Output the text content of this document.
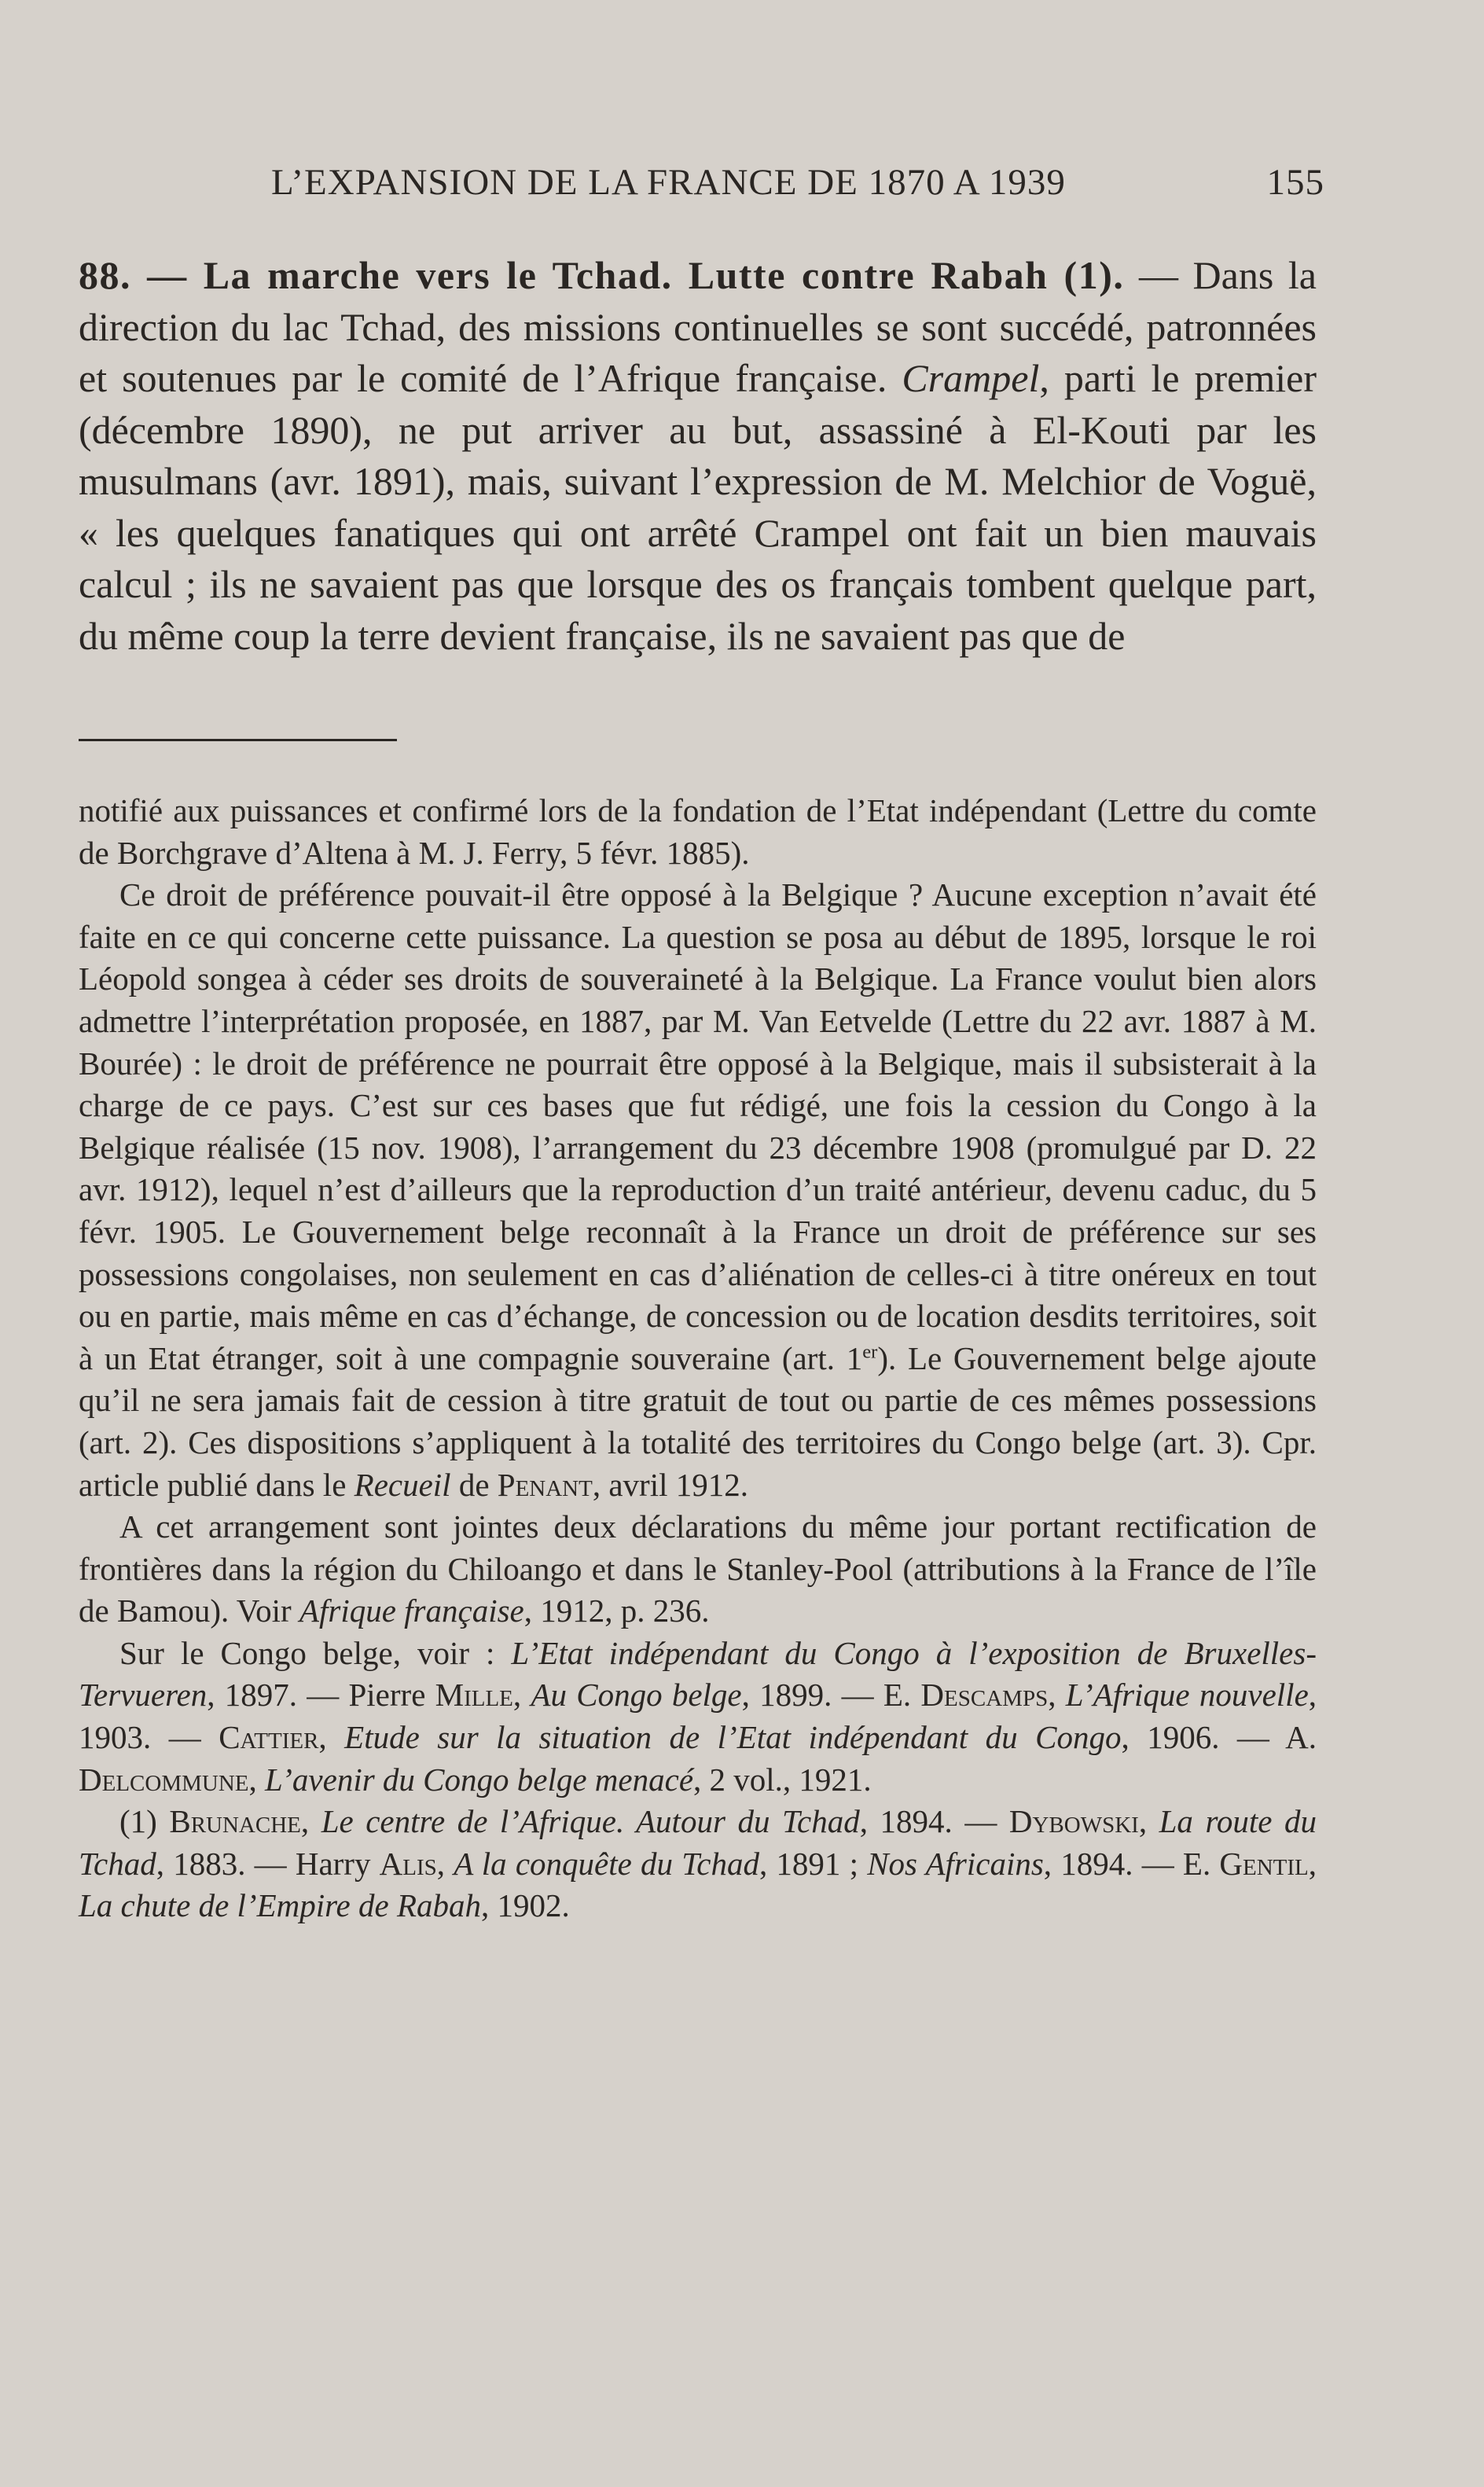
L’EXPANSION DE LA FRANCE DE 1870 A 1939	155

88. — La marche vers le Tchad. Lutte contre Rabah (1). — Dans la direction du lac Tchad, des missions continuelles se sont succédé, patronnées et soutenues par le comité de l’Afrique française. Crampel, parti le premier (décembre 1890), ne put arriver au but, assassiné à El-Kouti par les musulmans (avr. 1891), mais, suivant l’expression de M. Melchior de Voguë, « les quelques fanatiques qui ont arrêté Crampel ont fait un bien mauvais calcul ; ils ne savaient pas que lorsque des os français tombent quelque part, du même coup la terre devient française, ils ne savaient pas que de

notifié aux puissances et confirmé lors de la fondation de l’Etat indépendant (Lettre du comte de Borchgrave d’Altena à M. J. Ferry, 5 févr. 1885).

Ce droit de préférence pouvait-il être opposé à la Belgique ? Aucune exception n’avait été faite en ce qui concerne cette puissance. La question se posa au début de 1895, lorsque le roi Léopold songea à céder ses droits de souveraineté à la Belgique. La France voulut bien alors admettre l’interprétation proposée, en 1887, par M. Van Eetvelde (Lettre du 22 avr. 1887 à M. Bourée) : le droit de préférence ne pourrait être opposé à la Belgique, mais il subsisterait à la charge de ce pays. C’est sur ces bases que fut rédigé, une fois la cession du Congo à la Belgique réalisée (15 nov. 1908), l’arrangement du 23 décembre 1908 (promulgué par D. 22 avr. 1912), lequel n’est d’ailleurs que la reproduction d’un traité antérieur, devenu caduc, du 5 févr. 1905. Le Gouvernement belge reconnaît à la France un droit de préférence sur ses possessions congolaises, non seulement en cas d’aliénation de celles-ci à titre onéreux en tout ou en partie, mais même en cas d’échange, de concession ou de location desdits territoires, soit à un Etat étranger, soit à une compagnie souveraine (art. 1er). Le Gouvernement belge ajoute qu’il ne sera jamais fait de cession à titre gratuit de tout ou partie de ces mêmes possessions (art. 2). Ces dispositions s’appliquent à la totalité des territoires du Congo belge (art. 3). Cpr. article publié dans le Recueil de Penant, avril 1912.

A cet arrangement sont jointes deux déclarations du même jour portant rectification de frontières dans la région du Chiloango et dans le Stanley-Pool (attributions à la France de l’île de Bamou). Voir Afrique française, 1912, p. 236.

Sur le Congo belge, voir : L’Etat indépendant du Congo à l’exposition de Bruxelles-Tervueren, 1897. — Pierre Mille, Au Congo belge, 1899. — E. Descamps, L’Afrique nouvelle, 1903. — Cattier, Etude sur la situation de l’Etat indépendant du Congo, 1906. — A. Delcommune, L’avenir du Congo belge menacé, 2 vol., 1921.

(1) Brunache, Le centre de l’Afrique. Autour du Tchad, 1894. — Dybowski, La route du Tchad, 1883. — Harry Alis, A la conquête du Tchad, 1891 ; Nos Africains, 1894. — E. Gentil, La chute de l’Empire de Rabah, 1902.
